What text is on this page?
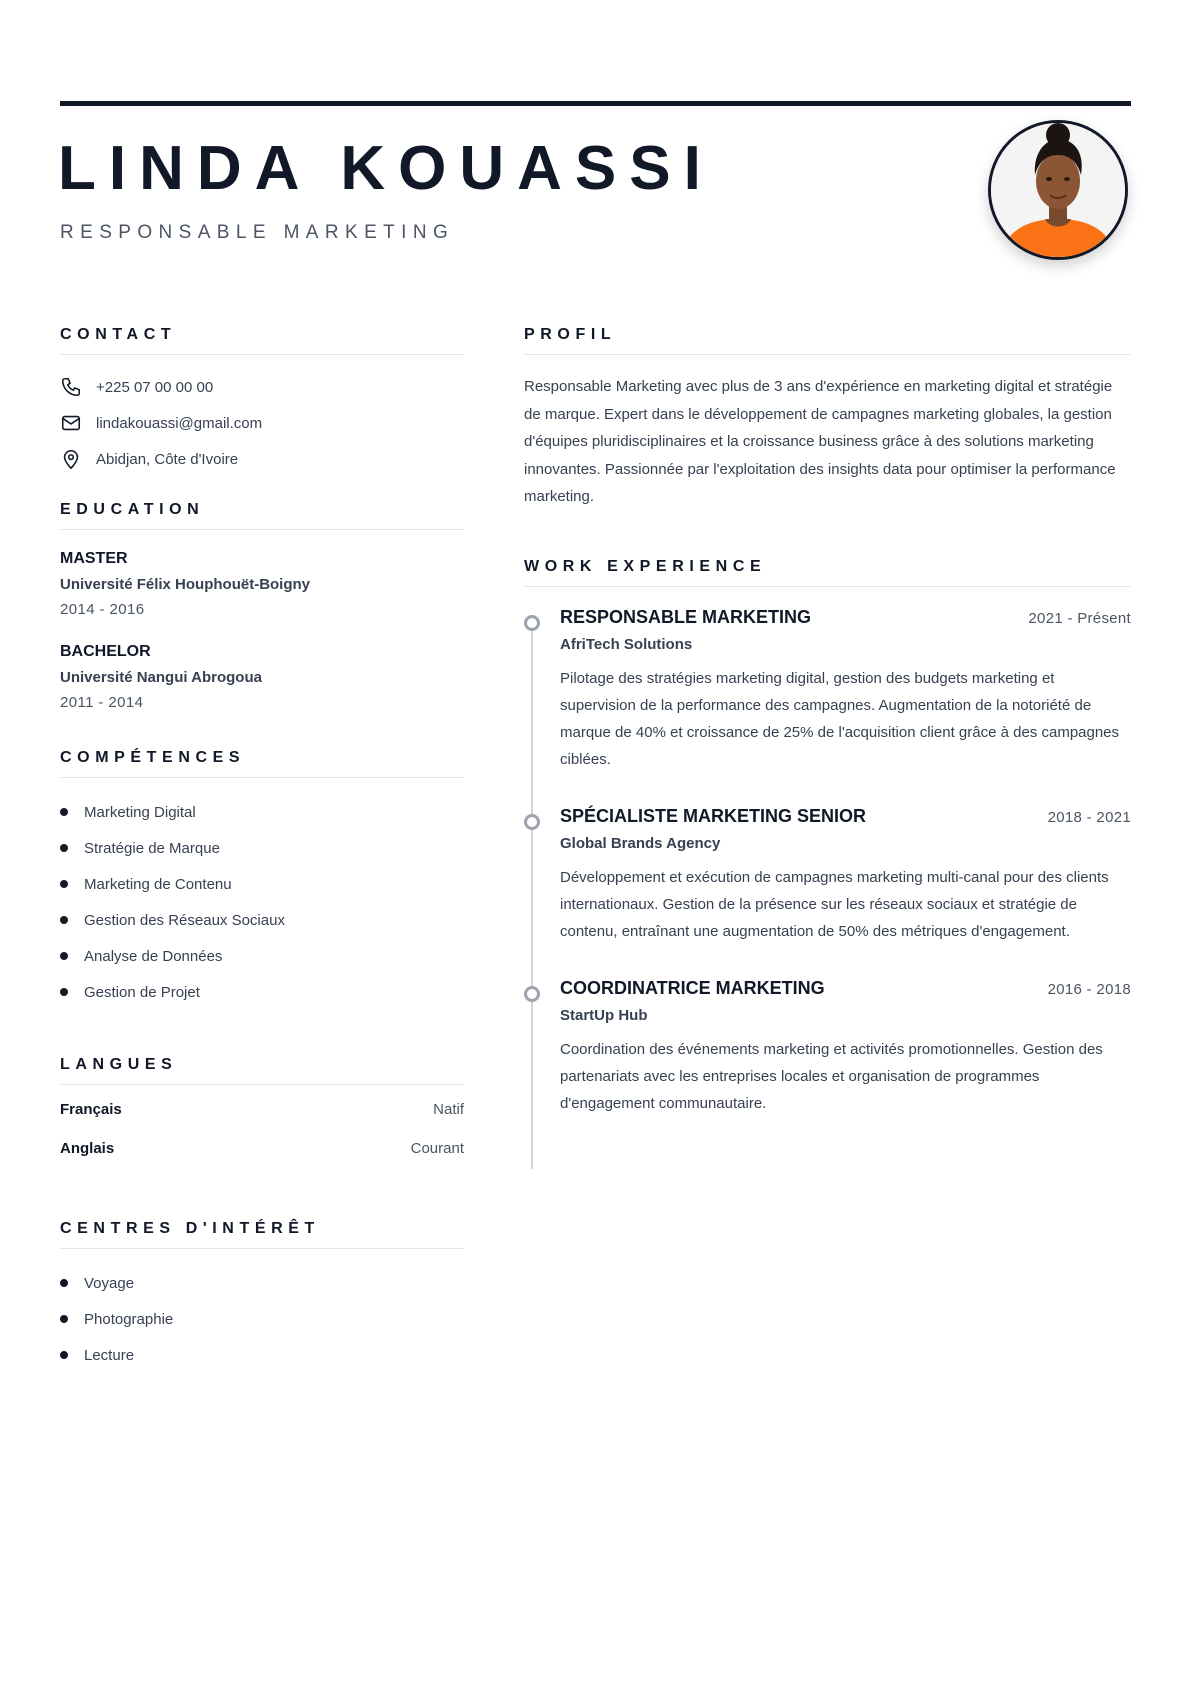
LINDA KOUASSI
RESPONSABLE MARKETING
CONTACT
+225 07 00 00 00
lindakouassi@gmail.com
Abidjan, Côte d'Ivoire
EDUCATION
MASTER
Université Félix Houphouët-Boigny
2014 - 2016
BACHELOR
Université Nangui Abrogoua
2011 - 2014
COMPÉTENCES
Marketing Digital
Stratégie de Marque
Marketing de Contenu
Gestion des Réseaux Sociaux
Analyse de Données
Gestion de Projet
LANGUES
Français	Natif
Anglais	Courant
CENTRES D'INTÉRÊT
Voyage
Photographie
Lecture
PROFIL

Responsable Marketing avec plus de 3 ans d'expérience en marketing digital et stratégie de marque. Expert dans le développement de campagnes marketing globales, la gestion d'équipes pluridisciplinaires et la croissance business grâce à des solutions marketing innovantes. Passionnée par l'exploitation des insights data pour optimiser la performance marketing.

WORK EXPERIENCE
RESPONSABLE MARKETING	2021 - Présent
AfriTech Solutions

Pilotage des stratégies marketing digital, gestion des budgets marketing et supervision de la performance des campagnes. Augmentation de la notoriété de marque de 40% et croissance de 25% de l'acquisition client grâce à des campagnes ciblées.

SPÉCIALISTE MARKETING SENIOR	2018 - 2021
Global Brands Agency

Développement et exécution de campagnes marketing multi-canal pour des clients internationaux. Gestion de la présence sur les réseaux sociaux et stratégie de contenu, entraînant une augmentation de 50% des métriques d'engagement.

COORDINATRICE MARKETING	2016 - 2018
StartUp Hub

Coordination des événements marketing et activités promotionnelles. Gestion des partenariats avec les entreprises locales et organisation de programmes d'engagement communautaire.
